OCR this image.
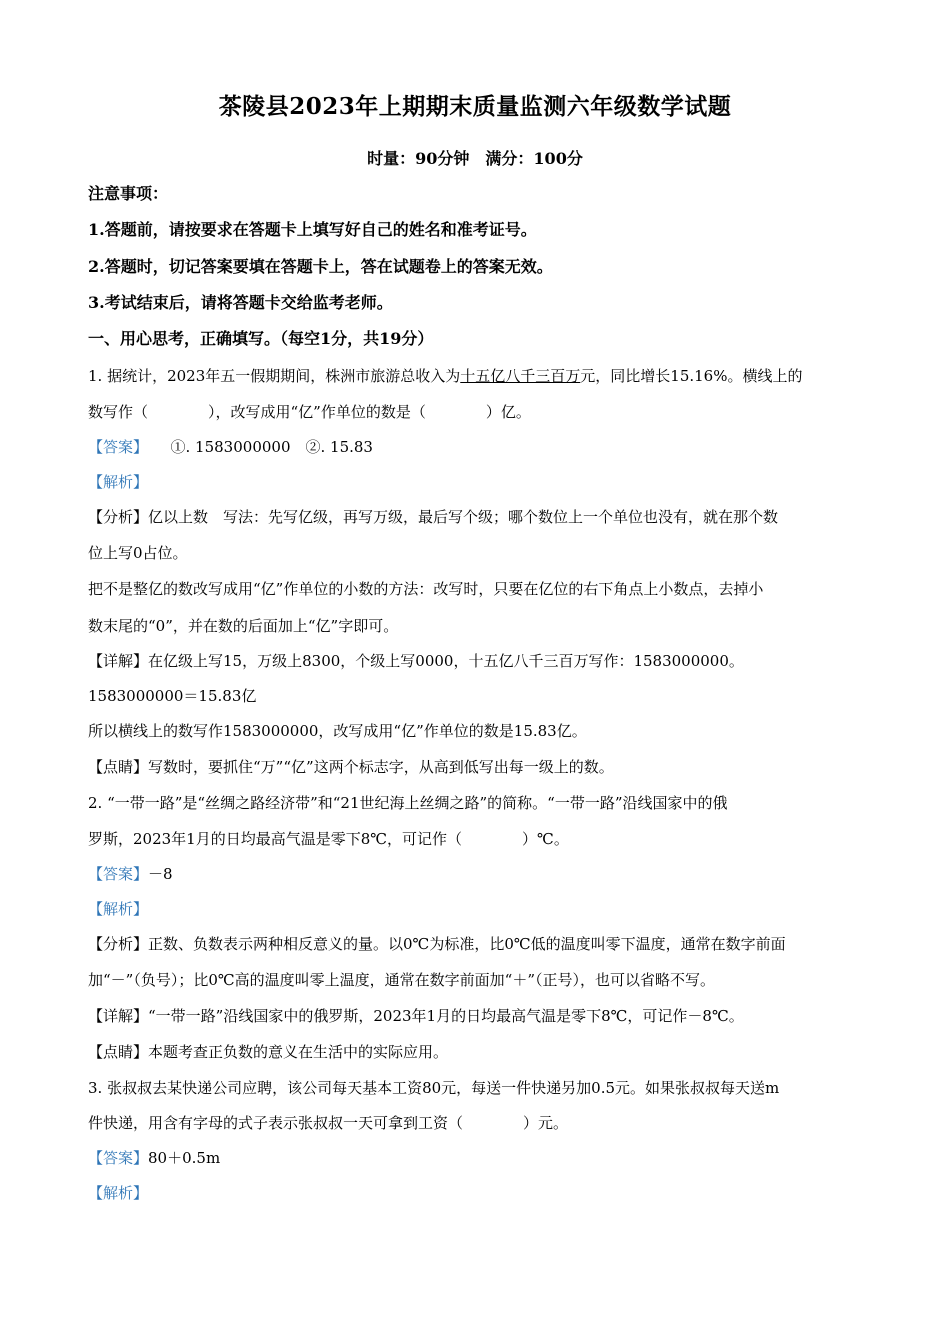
茶陵县2023年上期期末质量监测六年级数学试题
时量：90分钟　满分：100分
注意事项：
1.答题前，请按要求在答题卡上填写好自己的姓名和准考证号。
2.答题时，切记答案要填在答题卡上，答在试题卷上的答案无效。
3.考试结束后，请将答题卡交给监考老师。
一、用心思考，正确填写。（每空1分，共19分）
1. 据统计，2023年五一假期期间，株洲市旅游总收入为十五亿八千三百万元，同比增长15.16%。横线上的
数写作（　　　　），改写成用“亿”作单位的数是（　　　　）亿。
【答案】　　①. 1583000000　②. 15.83
【解析】
【分析】亿以上数　写法：先写亿级，再写万级，最后写个级；哪个数位上一个单位也没有，就在那个数
位上写0占位。
把不是整亿的数改写成用“亿”作单位的小数的方法：改写时，只要在亿位的右下角点上小数点，去掉小
数末尾的“0”，并在数的后面加上“亿”字即可。
【详解】在亿级上写15，万级上8300，个级上写0000，十五亿八千三百万写作：1583000000。
1583000000＝15.83亿
所以横线上的数写作1583000000，改写成用“亿”作单位的数是15.83亿。
【点睛】写数时，要抓住“万”“亿”这两个标志字，从高到低写出每一级上的数。
2. “一带一路”是“丝绸之路经济带”和“21世纪海上丝绸之路”的简称。“一带一路”沿线国家中的俄
罗斯，2023年1月的日均最高气温是零下8℃，可记作（　　　　）℃。
【答案】－8
【解析】
【分析】正数、负数表示两种相反意义的量。以0℃为标准，比0℃低的温度叫零下温度，通常在数字前面
加“－”（负号）；比0℃高的温度叫零上温度，通常在数字前面加“＋”（正号），也可以省略不写。
【详解】“一带一路”沿线国家中的俄罗斯，2023年1月的日均最高气温是零下8℃，可记作－8℃。
【点睛】本题考查正负数的意义在生活中的实际应用。
3. 张叔叔去某快递公司应聘，该公司每天基本工资80元，每送一件快递另加0.5元。如果张叔叔每天送m
件快递，用含有字母的式子表示张叔叔一天可拿到工资（　　　　）元。
【答案】80＋0.5m
【解析】
